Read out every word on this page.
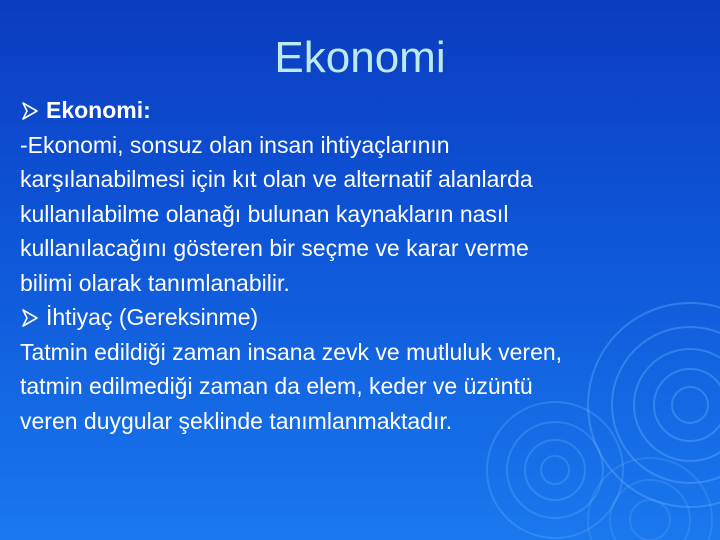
Ekonomi
Ekonomi:
-Ekonomi, sonsuz olan insan ihtiyaçlarının
karşılanabilmesi için kıt olan ve alternatif alanlarda
kullanılabilme olanağı bulunan kaynakların nasıl
kullanılacağını gösteren bir seçme ve karar verme
bilimi olarak tanımlanabilir.
İhtiyaç (Gereksinme)
Tatmin edildiği zaman insana zevk ve mutluluk veren,
tatmin edilmediği zaman da elem, keder ve üzüntü
veren duygular şeklinde tanımlanmaktadır.
